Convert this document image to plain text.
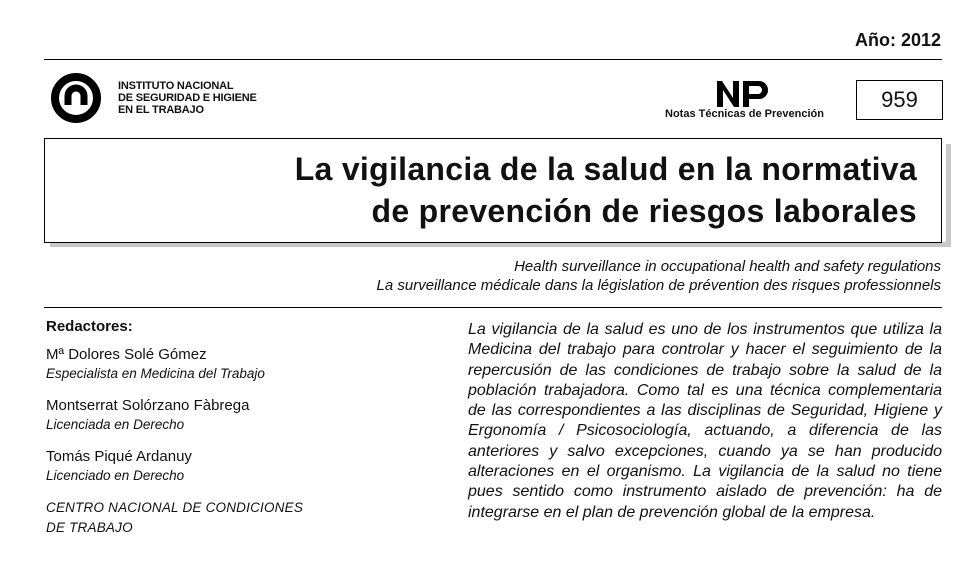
Año: 2012
INSTITUTO NACIONAL
DE SEGURIDAD E HIGIENE
EN EL TRABAJO	Notas Técnicas de Prevención
959
La vigilancia de la salud en la normativa
de prevención de riesgos laborales
Health surveillance in occupational health and safety regulations
La surveillance médicale dans la législation de prévention des risques professionnels
Redactores:
Mª Dolores Solé Gómez
Especialista en Medicina del Trabajo
Montserrat Solórzano Fàbrega
Licenciada en Derecho
Tomás Piqué Ardanuy
Licenciado en Derecho
CENTRO NACIONAL DE CONDICIONES
DE TRABAJO
La vigilancia de la salud es uno de los instrumentos que utiliza la Medicina del trabajo para controlar y hacer el seguimiento de la repercusión de las condiciones de trabajo sobre la salud de la población trabajadora. Como tal es una técnica complementaria de las correspondientes a las disciplinas de Seguridad, Higiene y Ergonomía / Psicosociología, actuando, a diferencia de las anteriores y salvo excepciones, cuando ya se han producido alteraciones en el organismo. La vigilancia de la salud no tiene pues sentido como instrumento aislado de prevención: ha de integrarse en el plan de prevención global de la empresa.
